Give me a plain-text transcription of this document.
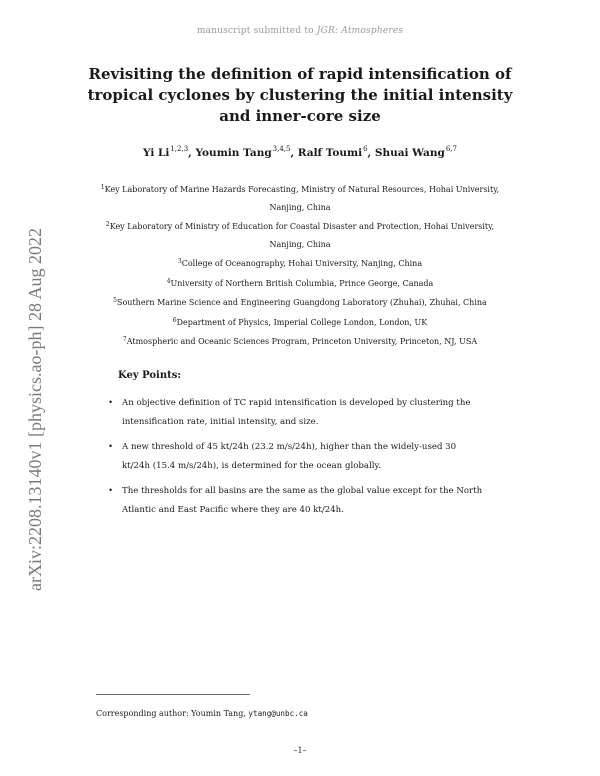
manuscript submitted to JGR: Atmospheres
arXiv:2208.13140v1 [physics.ao-ph] 28 Aug 2022
Revisiting the definition of rapid intensification of tropical cyclones by clustering the initial intensity and inner-core size
Yi Li$^{1,2,3}$, Youmin Tang$^{3,4,5}$, Ralf Toumi$^6$, Shuai Wang$^{6,7}$
$^1$Key Laboratory of Marine Hazards Forecasting, Ministry of Natural Resources, Hohai University, Nanjing, China
$^2$Key Laboratory of Ministry of Education for Coastal Disaster and Protection, Hohai University, Nanjing, China
$^3$College of Oceanography, Hohai University, Nanjing, China
$^4$University of Northern British Columbia, Prince George, Canada
$^5$Southern Marine Science and Engineering Guangdong Laboratory (Zhuhai), Zhuhai, China
$^6$Department of Physics, Imperial College London, London, UK
$^7$Atmospheric and Oceanic Sciences Program, Princeton University, Princeton, NJ, USA
Key Points:
• An objective definition of TC rapid intensification is developed by clustering the intensification rate, initial intensity, and size.
• A new threshold of 45 kt/24h (23.2 m/s/24h), higher than the widely-used 30 kt/24h (15.4 m/s/24h), is determined for the ocean globally.
• The thresholds for all basins are the same as the global value except for the North Atlantic and East Pacific where they are 40 kt/24h.
Corresponding author: Youmin Tang, ytang@unbc.ca
–1–
